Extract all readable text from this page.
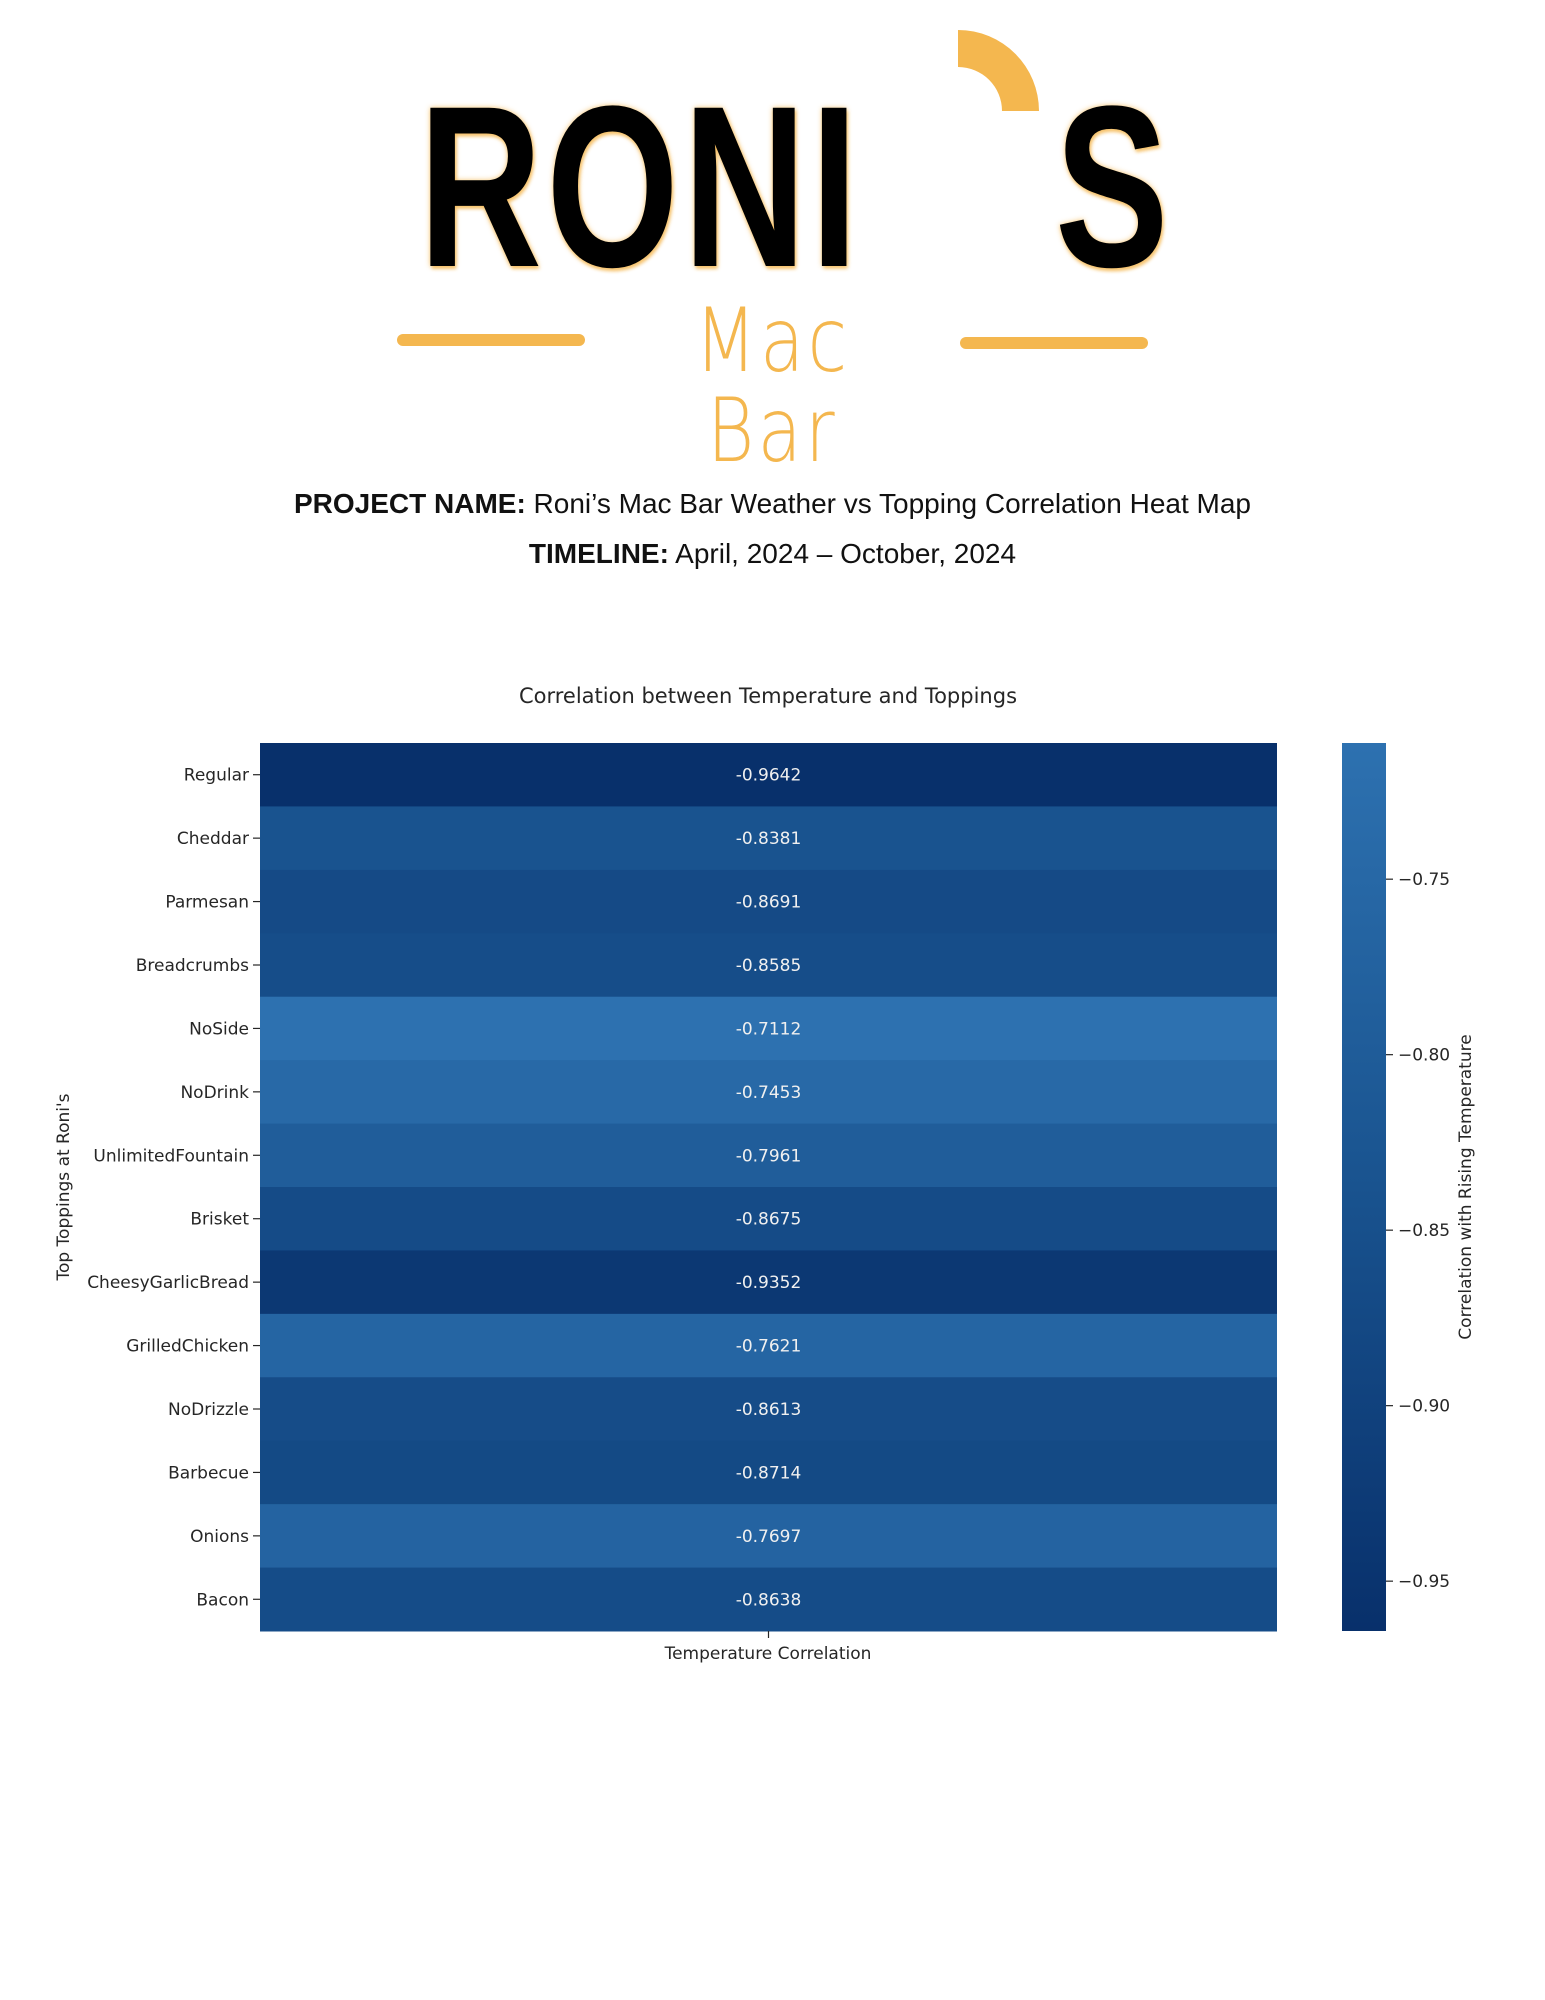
RONI S
Mac Bar
PROJECT NAME: Roni’s Mac Bar Weather vs Topping Correlation Heat Map
TIMELINE: April, 2024 – October, 2024
Correlation between Temperature and Toppings
Regular
Cheddar
Parmesan
Breadcrumbs
NoSide
NoDrink
UnlimitedFountain
Brisket
CheesyGarlicBread
GrilledChicken
NoDrizzle
Barbecue
Onions
Bacon
-0.9642
-0.8381
-0.8691
-0.8585
-0.7112
-0.7453
-0.7961
-0.8675
-0.9352
-0.7621
-0.8613
-0.8714
-0.7697
-0.8638
Temperature Correlation
Top Toppings at Roni's
−0.75
−0.80
−0.85
−0.90
−0.95
Correlation with Rising Temperature
